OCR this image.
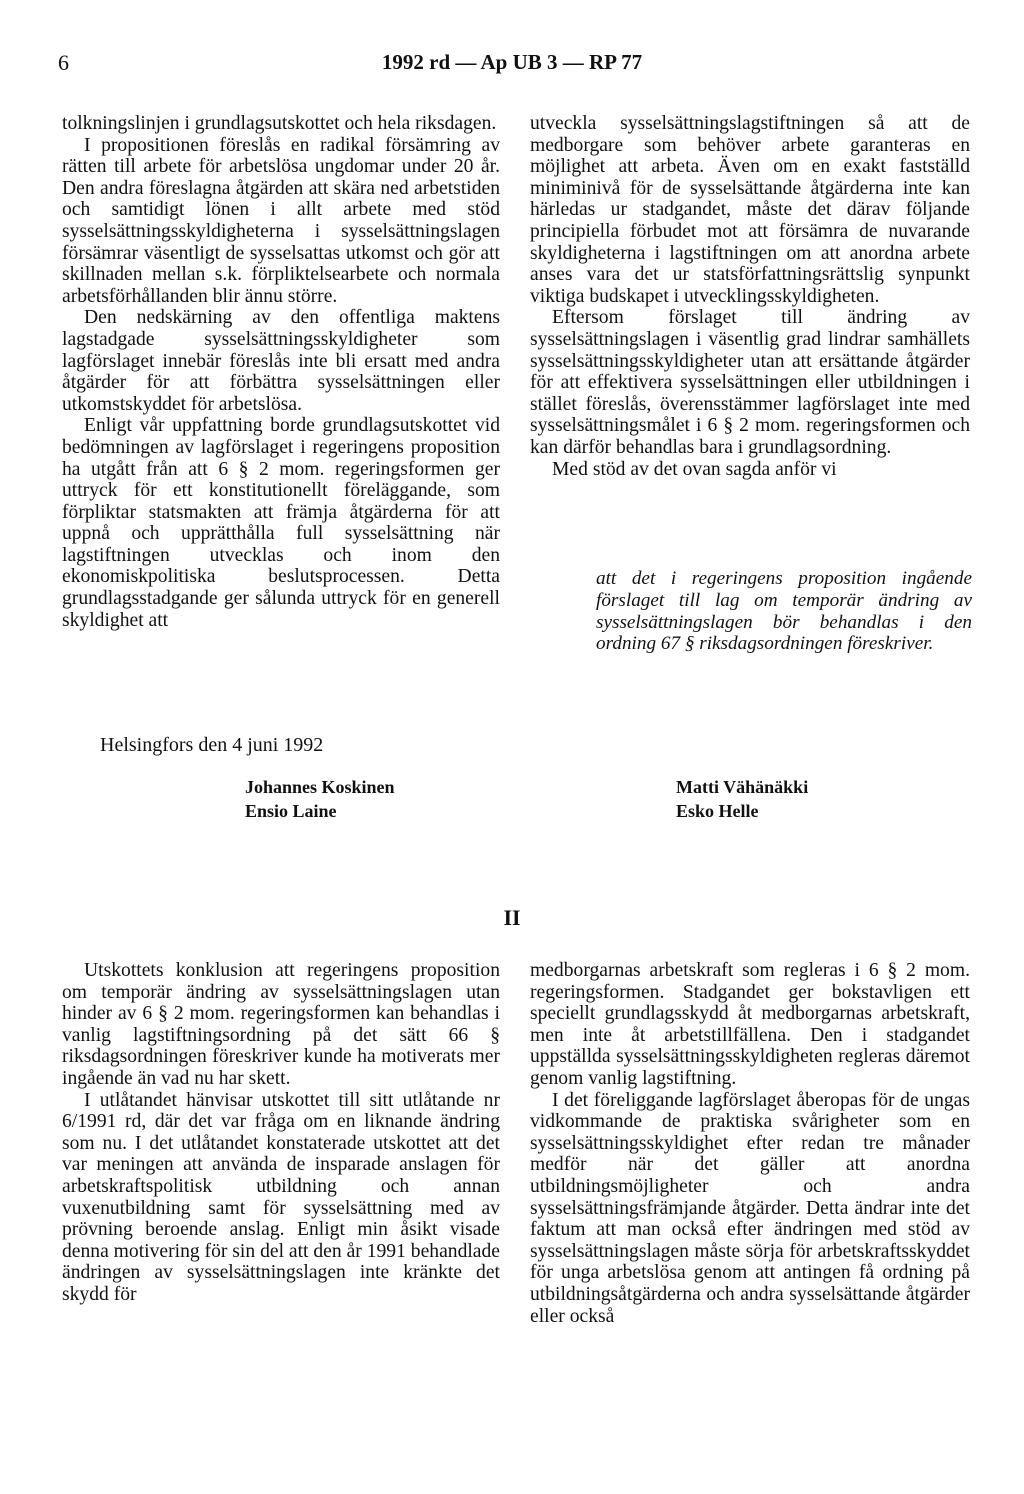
6	1992 rd — Ap UB 3 — RP 77

tolkningslinjen i grundlagsutskottet och hela riksdagen.

I propositionen föreslås en radikal försämring av rätten till arbete för arbetslösa ungdomar under 20 år. Den andra föreslagna åtgärden att skära ned arbetstiden och samtidigt lönen i allt arbete med stöd sysselsättningsskyldigheterna i sysselsättningslagen försämrar väsentligt de sysselsattas utkomst och gör att skillnaden mellan s.k. förpliktelsearbete och normala arbetsförhållanden blir ännu större.

Den nedskärning av den offentliga maktens lagstadgade sysselsättningsskyldigheter som lagförslaget innebär föreslås inte bli ersatt med andra åtgärder för att förbättra sysselsättningen eller utkomstskyddet för arbetslösa.

Enligt vår uppfattning borde grundlagsutskottet vid bedömningen av lagförslaget i regeringens proposition ha utgått från att 6 § 2 mom. regeringsformen ger uttryck för ett konstitutionellt föreläggande, som förpliktar statsmakten att främja åtgärderna för att uppnå och upprätthålla full sysselsättning när lagstiftningen utvecklas och inom den ekonomiskpolitiska beslutsprocessen. Detta grundlagsstadgande ger sålunda uttryck för en generell skyldighet att

utveckla sysselsättningslagstiftningen så att de medborgare som behöver arbete garanteras en möjlighet att arbeta. Även om en exakt fastställd miniminivå för de sysselsättande åtgärderna inte kan härledas ur stadgandet, måste det därav följande principiella förbudet mot att försämra de nuvarande skyldigheterna i lagstiftningen om att anordna arbete anses vara det ur statsförfattningsrättslig synpunkt viktiga budskapet i utvecklingsskyldigheten.

Eftersom förslaget till ändring av sysselsättningslagen i väsentlig grad lindrar samhällets sysselsättningsskyldigheter utan att ersättande åtgärder för att effektivera sysselsättningen eller utbildningen i stället föreslås, överensstämmer lagförslaget inte med sysselsättningsmålet i 6 § 2 mom. regeringsformen och kan därför behandlas bara i grundlagsordning.

Med stöd av det ovan sagda anför vi

att det i regeringens proposition ingående förslaget till lag om temporär ändring av sysselsättningslagen bör behandlas i den ordning 67 § riksdagsordningen föreskriver.
Helsingfors den 4 juni 1992
Johannes Koskinen
Ensio Laine
Matti Vähänäkki
Esko Helle
II

Utskottets konklusion att regeringens proposition om temporär ändring av sysselsättningslagen utan hinder av 6 § 2 mom. regeringsformen kan behandlas i vanlig lagstiftningsordning på det sätt 66 § riksdagsordningen föreskriver kunde ha motiverats mer ingående än vad nu har skett.

I utlåtandet hänvisar utskottet till sitt utlåtande nr 6/1991 rd, där det var fråga om en liknande ändring som nu. I det utlåtandet konstaterade utskottet att det var meningen att använda de insparade anslagen för arbetskraftspolitisk utbildning och annan vuxenutbildning samt för sysselsättning med av prövning beroende anslag. Enligt min åsikt visade denna motivering för sin del att den år 1991 behandlade ändringen av sysselsättningslagen inte kränkte det skydd för

medborgarnas arbetskraft som regleras i 6 § 2 mom. regeringsformen. Stadgandet ger bokstavligen ett speciellt grundlagsskydd åt medborgarnas arbetskraft, men inte åt arbetstillfällena. Den i stadgandet uppställda sysselsättningsskyldigheten regleras däremot genom vanlig lagstiftning.

I det föreliggande lagförslaget åberopas för de ungas vidkommande de praktiska svårigheter som en sysselsättningsskyldighet efter redan tre månader medför när det gäller att anordna utbildningsmöjligheter och andra sysselsättningsfrämjande åtgärder. Detta ändrar inte det faktum att man också efter ändringen med stöd av sysselsättningslagen måste sörja för arbetskraftsskyddet för unga arbetslösa genom att antingen få ordning på utbildningsåtgärderna och andra sysselsättande åtgärder eller också
